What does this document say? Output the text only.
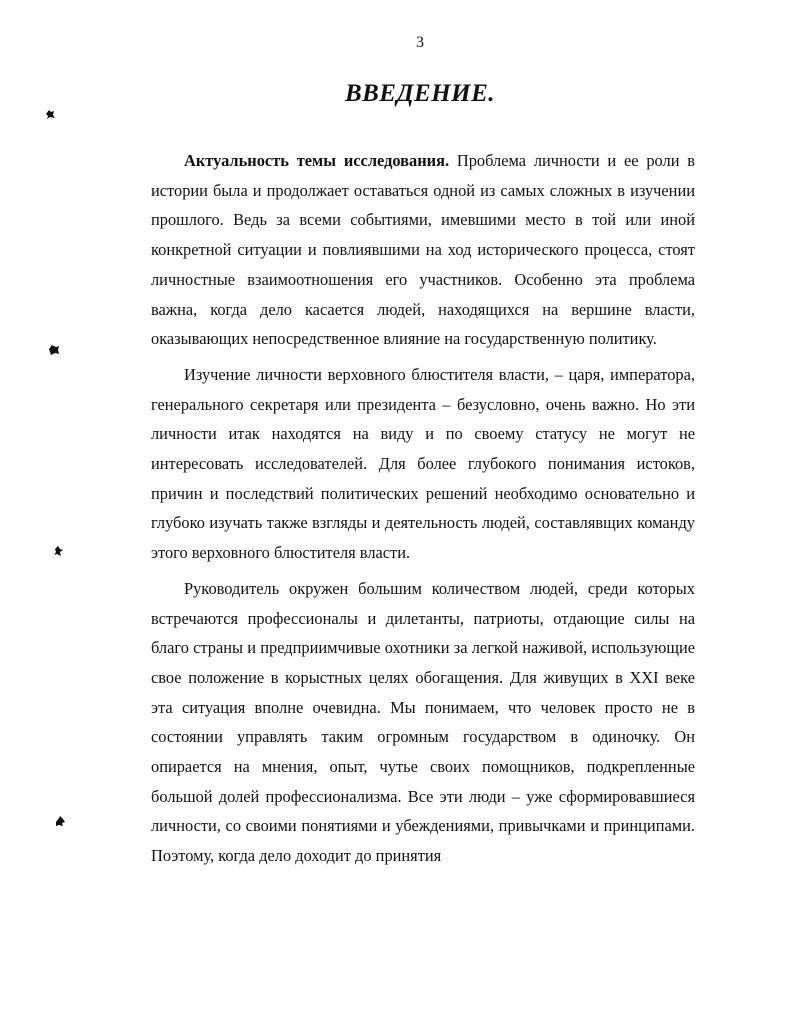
3
ВВЕДЕНИЕ.

Актуальность темы исследования. Проблема личности и ее роли в истории была и продолжает оставаться одной из самых сложных в изучении прошлого. Ведь за всеми событиями, имевшими место в той или иной конкретной ситуации и повлиявшими на ход исторического процесса, стоят личностные взаимоотношения его участников. Особенно эта проблема важна, когда дело касается людей, находящихся на вершине власти, оказывающих непосредственное влияние на государственную политику.

Изучение личности верховного блюстителя власти, – царя, императора, генерального секретаря или президента – безусловно, очень важно. Но эти личности итак находятся на виду и по своему статусу не могут не интересовать исследователей. Для более глубокого понимания истоков, причин и последствий политических решений необходимо основательно и глубоко изучать также взгляды и деятельность людей, составлявщих команду этого верховного блюстителя власти.

Руководитель окружен большим количеством людей, среди которых встречаются профессионалы и дилетанты, патриоты, отдающие силы на благо страны и предприимчивые охотники за легкой наживой, использующие свое положение в корыстных целях обогащения. Для живущих в XXI веке эта ситуация вполне очевидна. Мы понимаем, что человек просто не в состоянии управлять таким огромным государством в одиночку. Он опирается на мнения, опыт, чутье своих помощников, подкрепленные большой долей профессионализма. Все эти люди – уже сформировавшиеся личности, со своими понятиями и убеждениями, привычками и принципами. Поэтому, когда дело доходит до принятия
